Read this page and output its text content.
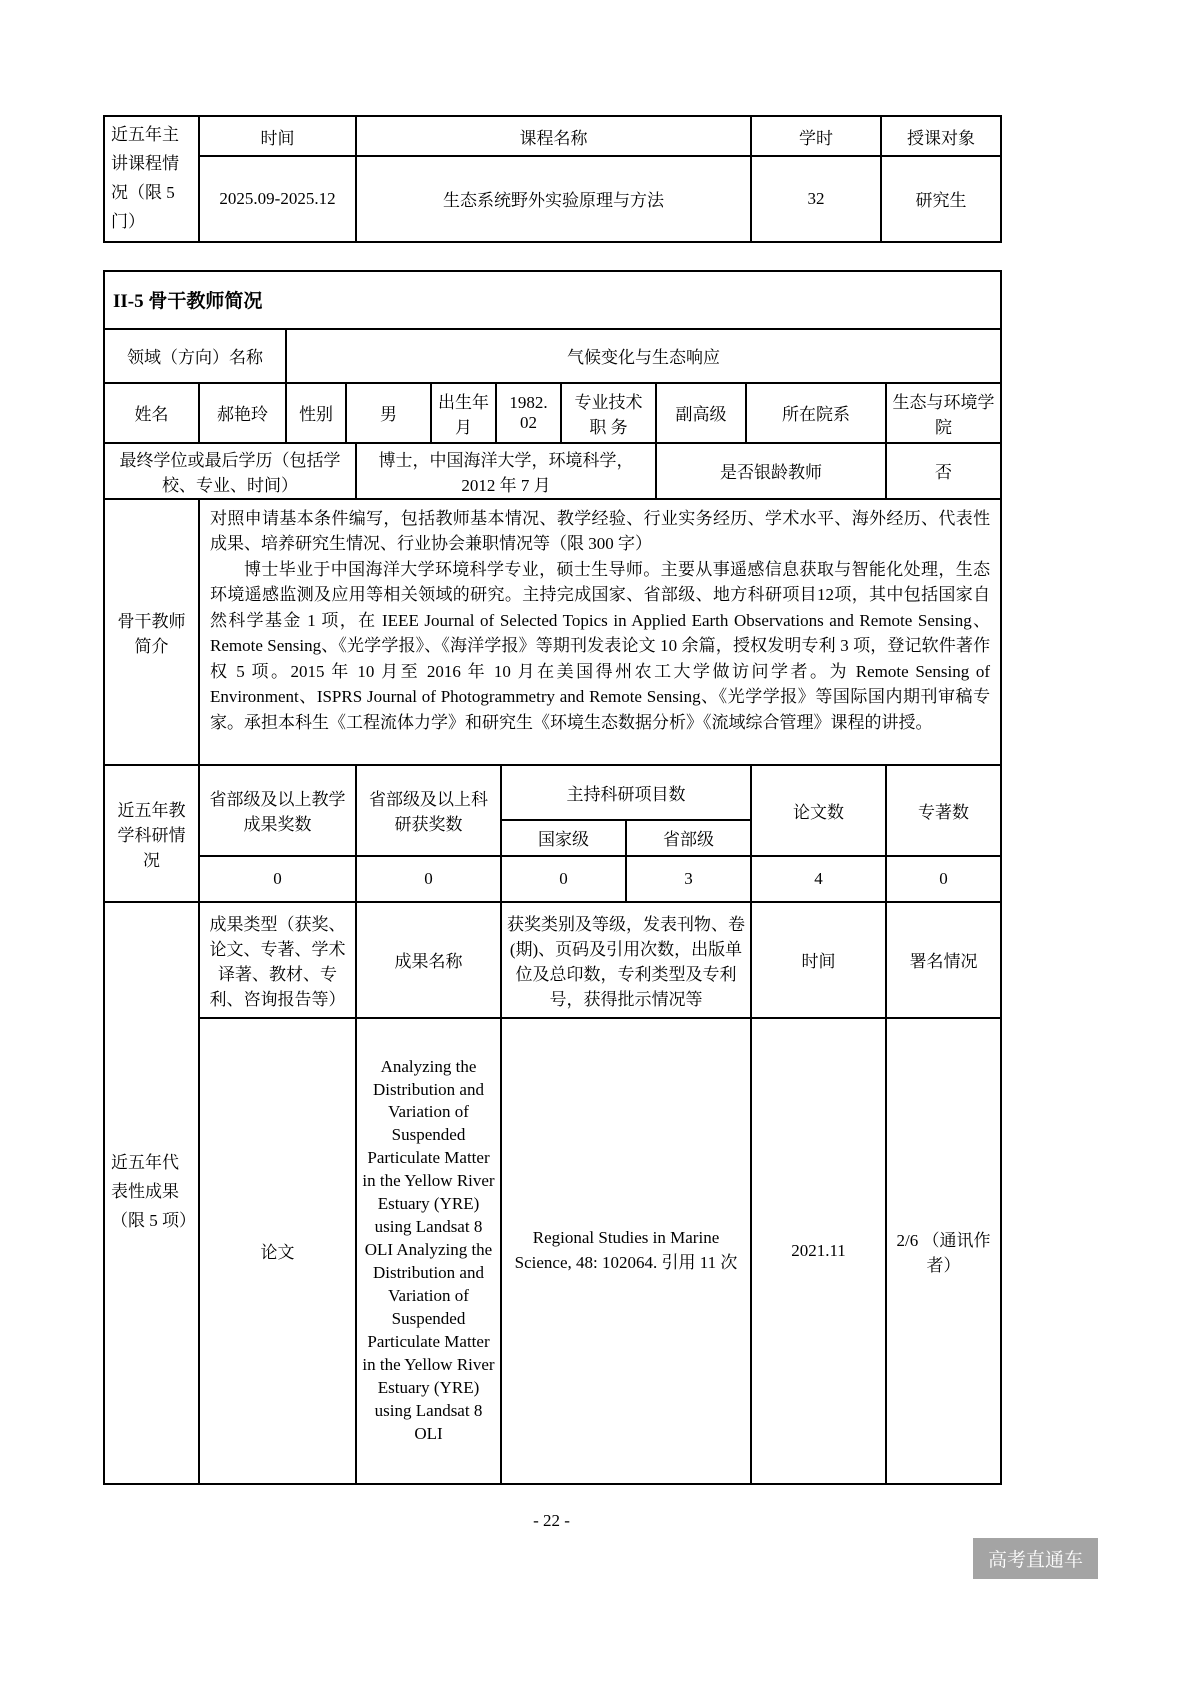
近五年主讲课程情况（限 5 门）	时间	课程名称	学时	授课对象
	2025.09-2025.12	生态系统野外实验原理与方法	32	研究生
II-5 骨干教师简况													
领域（方向）名称		气候变化与生态响应											
姓名	郝艳玲	性别	男		出生年月	1982. 02		专业技术职 务		副高级	所在院系		生态与环境学院
最终学位或最后学历（包括学校、专业、时间）				博士，中国海洋大学，环境科学，2012 年 7 月						是否银龄教师			否
骨干教师简介	对照申请基本条件编写，包括教师基本情况、教学经验、行业实务经历、学术水平、海外经历、代表性成果、培养研究生情况、行业协会兼职情况等（限 300 字）

博士毕业于中国海洋大学环境科学专业，硕士生导师。主要从事遥感信息获取与智能化处理，生态环境遥感监测及应用等相关领域的研究。主持完成国家、省部级、地方科研项目12项，其中包括国家自然科学基金 1 项，在 IEEE Journal of Selected Topics in Applied Earth Observations and Remote Sensing、Remote Sensing、《光学学报》、《海洋学报》等期刊发表论文 10 余篇，授权发明专利 3 项，登记软件著作权 5 项。2015 年 10 月至 2016 年 10 月在美国得州农工大学做访问学者。为 Remote Sensing of Environment、ISPRS Journal of Photogrammetry and Remote Sensing、《光学学报》等国际国内期刊审稿专家。承担本科生《工程流体力学》和研究生《环境生态数据分析》《流域综合管理》课程的讲授。												

近五年教学科研情况	省部级及以上教学成果奖数			省部级及以上科研获奖数			主持科研项目数					论文数	专著数
							国家级		省部级				
	0			0			0		3			4	0
近五年代表性成果（限 5 项）	成果类型（获奖、论文、专著、学术译著、教材、专利、咨询报告等）			成果名称			获奖类别及等级，发表刊物、卷(期)、页码及引用次数，出版单位及总印数，专利类型及专利号，获得批示情况等					时间	署名情况
	论文			Analyzing the Distribution and Variation of Suspended Particulate Matter in the Yellow River Estuary (YRE) using Landsat 8 OLI Analyzing the Distribution and Variation of Suspended Particulate Matter in the Yellow River Estuary (YRE) using Landsat 8 OLI			Regional Studies in Marine Science, 48: 102064. 引用 11 次					2021.11	2/6 （通讯作者）
- 22 -
高考直通车
